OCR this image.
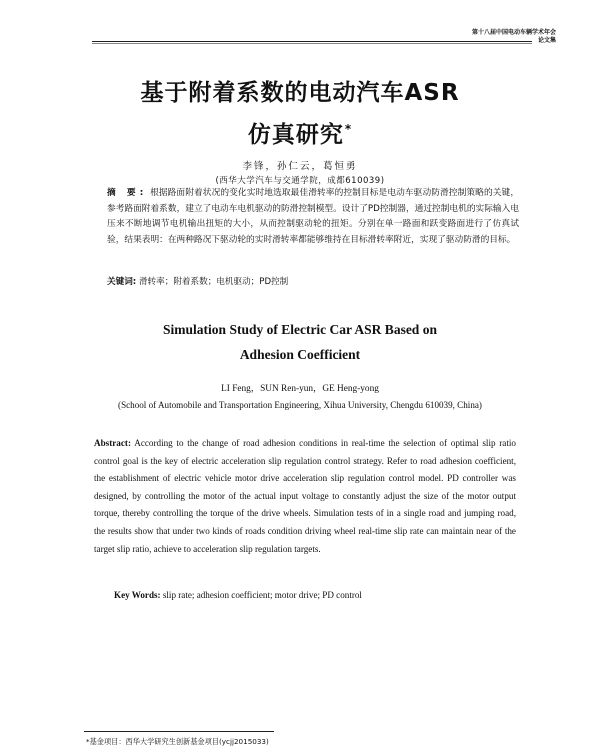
第十八届中国电动车辆学术年会
论文集
基于附着系数的电动汽车ASR
仿真研究*
李锋，孙仁云，葛恒勇
(西华大学汽车与交通学院，成都610039)
摘 要: 根据路面附着状况的变化实时地选取最佳滑转率的控制目标是电动车驱动防滑控制策略的关键，参考路面附着系数，建立了电动车电机驱动的防滑控制模型。设计了PD控制器，通过控制电机的实际输入电压来不断地调节电机输出扭矩的大小，从而控制驱动轮的扭矩。分别在单一路面和跃变路面进行了仿真试验，结果表明：在两种路况下驱动轮的实时滑转率都能够维持在目标滑转率附近，实现了驱动防滑的目标。
关键词: 滑转率；附着系数；电机驱动；PD控制
Simulation Study of Electric Car ASR Based on
Adhesion Coefficient
LI Feng，SUN Ren-yun，GE Heng-yong
(School of Automobile and Transportation Engineering, Xihua University, Chengdu 610039, China)
Abstract: According to the change of road adhesion conditions in real-time the selection of optimal slip ratio control goal is the key of electric acceleration slip regulation control strategy. Refer to road adhesion coefficient, the establishment of electric vehicle motor drive acceleration slip regulation control model. PD controller was designed, by controlling the motor of the actual input voltage to constantly adjust the size of the motor output torque, thereby controlling the torque of the drive wheels. Simulation tests of in a single road and jumping road, the results show that under two kinds of roads condition driving wheel real-time slip rate can maintain near of the target slip ratio, achieve to acceleration slip regulation targets.
Key Words: slip rate; adhesion coefficient; motor drive; PD control
*基金项目：西华大学研究生创新基金项目(ycjj2015033)
